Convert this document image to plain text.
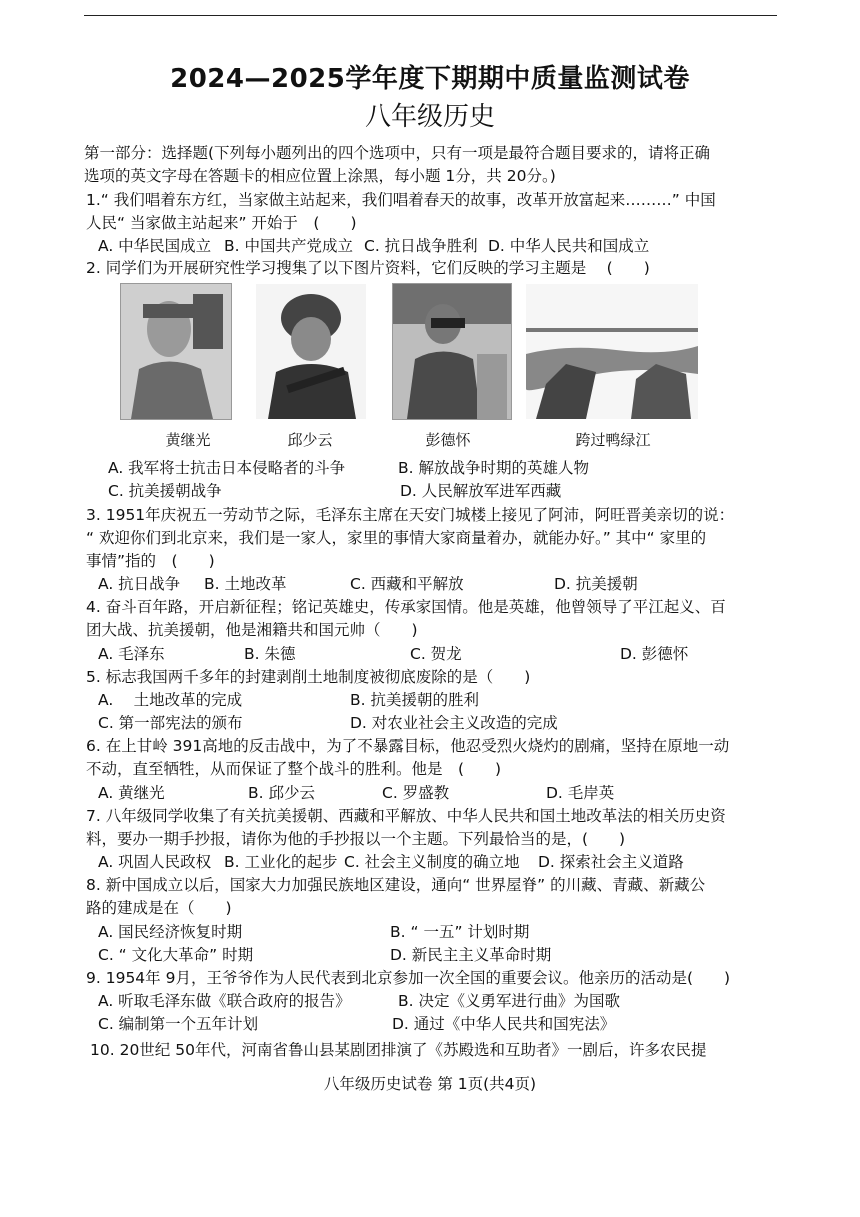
2024—2025学年度下期期中质量监测试卷
八年级历史
第一部分：选择题(下列每小题列出的四个选项中，只有一项是最符合题目要求的，请将正确
选项的英文字母在答题卡的相应位置上涂黑，每小题 1分，共 20分。)
1.“ 我们唱着东方红，当家做主站起来，我们唱着春天的故事，改革开放富起来………” 中国
人民“ 当家做主站起来” 开始于　(　　)
A. 中华民国成立 B. 中国共产党成立 C. 抗日战争胜利 D. 中华人民共和国成立
2. 同学们为开展研究性学习搜集了以下图片资料，它们反映的学习主题是　 (　　)
黄继光	邱少云	彭德怀	跨过鸭绿江
A. 我军将士抗击日本侵略者的斗争	B. 解放战争时期的英雄人物
C. 抗美援朝战争	D. 人民解放军进军西藏
3. 1951年庆祝五一劳动节之际，毛泽东主席在天安门城楼上接见了阿沛，阿旺晋美亲切的说：
“ 欢迎你们到北京来，我们是一家人，家里的事情大家商量着办，就能办好。” 其中“ 家里的
事情”指的　(　　)
A. 抗日战争 B. 土地改革	C. 西藏和平解放	D. 抗美援朝
4. 奋斗百年路，开启新征程；铭记英雄史，传承家国情。他是英雄，他曾领导了平江起义、百
团大战、抗美援朝，他是湘籍共和国元帅（　　)
A. 毛泽东	B. 朱德	C. 贺龙	D. 彭德怀
5. 标志我国两千多年的封建剥削土地制度被彻底废除的是（　　)
A.　 土地改革的完成	B. 抗美援朝的胜利
C. 第一部宪法的颁布	D. 对农业社会主义改造的完成
6. 在上甘岭 391高地的反击战中，为了不暴露目标，他忍受烈火烧灼的剧痛，坚持在原地一动
不动，直至牺牲，从而保证了整个战斗的胜利。他是　(　　)
A. 黄继光	B. 邱少云	C. 罗盛教	D. 毛岸英
7. 八年级同学收集了有关抗美援朝、西藏和平解放、中华人民共和国土地改革法的相关历史资
料，要办一期手抄报，请你为他的手抄报以一个主题。下列最恰当的是，(　　)
A. 巩固人民政权 B. 工业化的起步 C. 社会主义制度的确立地 D. 探索社会主义道路
8. 新中国成立以后，国家大力加强民族地区建设，通向“ 世界屋脊” 的川藏、青藏、新藏公
路的建成是在（　　)
A. 国民经济恢复时期	B. “ 一五” 计划时期
C. “ 文化大革命” 时期	D. 新民主主义革命时期
9. 1954年 9月，王爷爷作为人民代表到北京参加一次全国的重要会议。他亲历的活动是(　　)
A. 听取毛泽东做《联合政府的报告》	B. 决定《义勇军进行曲》为国歌
C. 编制第一个五年计划	D. 通过《中华人民共和国宪法》
10. 20世纪 50年代，河南省鲁山县某剧团排演了《苏殿选和互助者》一剧后，许多农民提
八年级历史试卷 第 1页(共4页)
